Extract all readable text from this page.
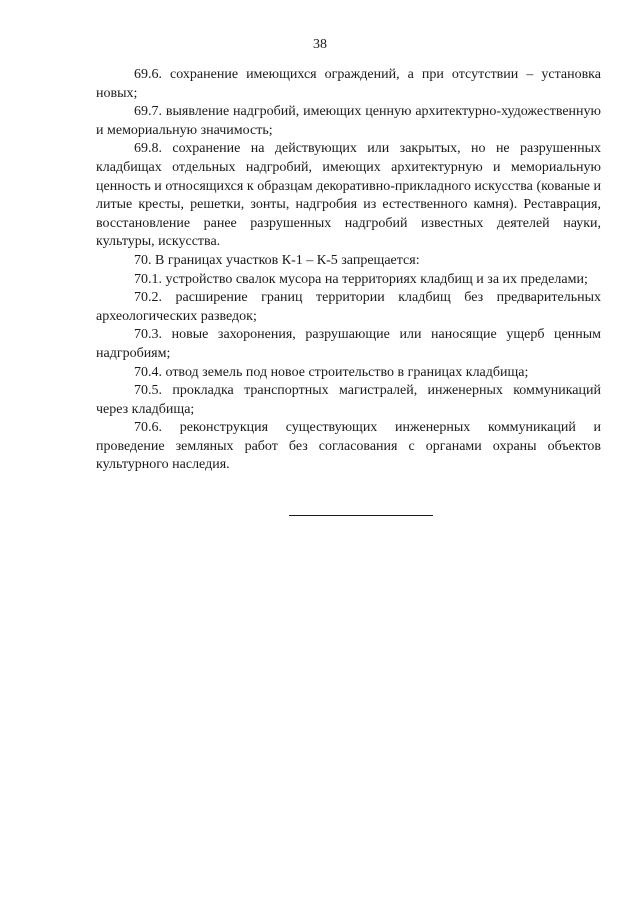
38

69.6. сохранение имеющихся ограждений, а при отсутствии – установка новых;

69.7. выявление надгробий, имеющих ценную архитектурно-художественную и мемориальную значимость;

69.8. сохранение на действующих или закрытых, но не разрушенных кладбищах отдельных надгробий, имеющих архитектурную и мемориальную ценность и относящихся к образцам декоративно-прикладного искусства (кованые и литые кресты, решетки, зонты, надгробия из естественного камня). Реставрация, восстановление ранее разрушенных надгробий известных деятелей науки, культуры, искусства.

70. В границах участков К-1 – К-5 запрещается:

70.1. устройство свалок мусора на территориях кладбищ и за их пределами;

70.2. расширение границ территории кладбищ без предварительных археологических разведок;

70.3. новые захоронения, разрушающие или наносящие ущерб ценным надгробиям;

70.4. отвод земель под новое строительство в границах кладбища;

70.5. прокладка транспортных магистралей, инженерных коммуникаций через кладбища;

70.6. реконструкция существующих инженерных коммуникаций и проведение земляных работ без согласования с органами охраны объектов культурного наследия.
